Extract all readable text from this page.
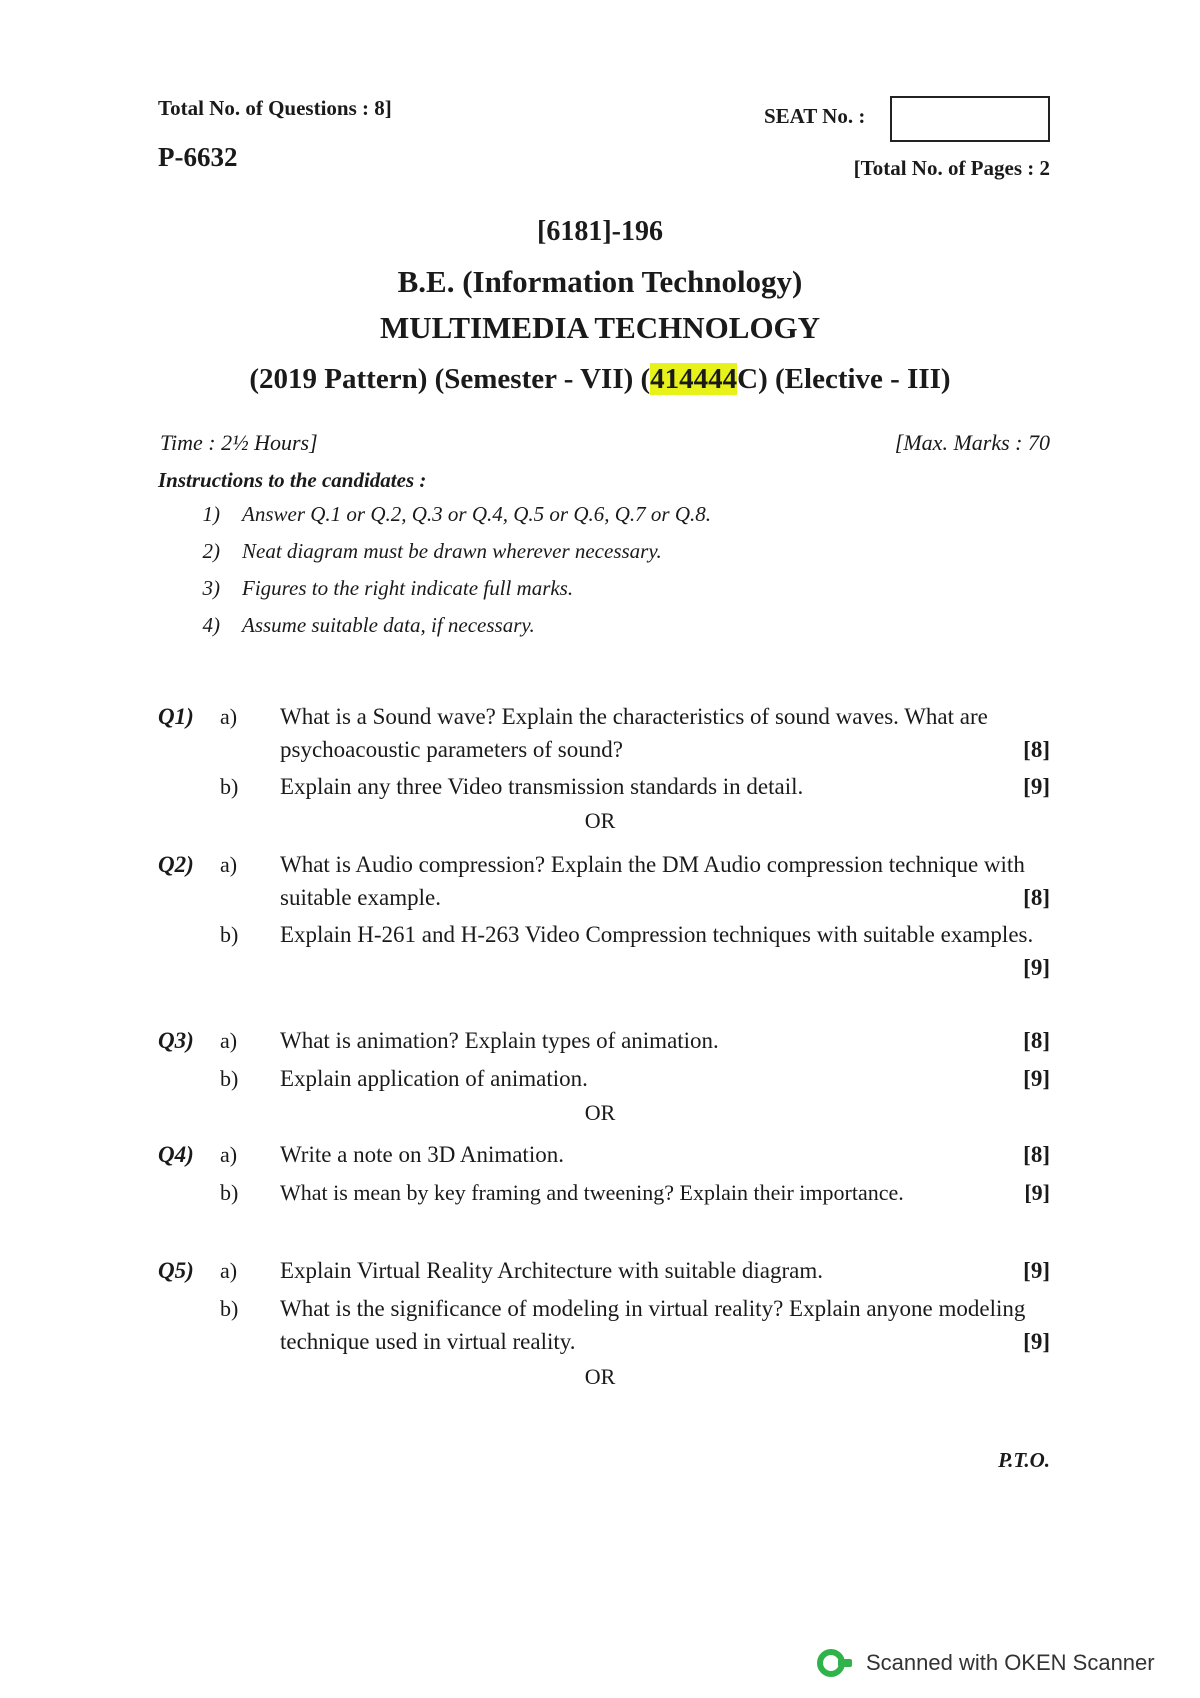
Total No. of Questions : 8]
P-6632
SEAT No. :
[Total No. of Pages : 2
[6181]-196
B.E. (Information Technology)
MULTIMEDIA TECHNOLOGY
(2019 Pattern) (Semester - VII) (414444C) (Elective - III)
Time : 2½ Hours]	[Max. Marks : 70
Instructions to the candidates :
1) Answer Q.1 or Q.2, Q.3 or Q.4, Q.5 or Q.6, Q.7 or Q.8.
2) Neat diagram must be drawn wherever necessary.
3) Figures to the right indicate full marks.
4) Assume suitable data, if necessary.
Q1) a) What is a Sound wave? Explain the characteristics of sound waves. What are psychoacoustic parameters of sound?	[8]
b) Explain any three Video transmission standards in detail.	[9]
OR
Q2) a) What is Audio compression? Explain the DM Audio compression technique with suitable example.	[8]
b) Explain H-261 and H-263 Video Compression techniques with suitable examples.
[9]
Q3) a) What is animation? Explain types of animation.	[8]
b) Explain application of animation.	[9]
OR
Q4) a) Write a note on 3D Animation.	[8]
b) What is mean by key framing and tweening? Explain their importance.	[9]
Q5) a) Explain Virtual Reality Architecture with suitable diagram.	[9]
b) What is the significance of modeling in virtual reality? Explain anyone modeling technique used in virtual reality.	[9]
OR
P.T.O.
Scanned with OKEN Scanner
